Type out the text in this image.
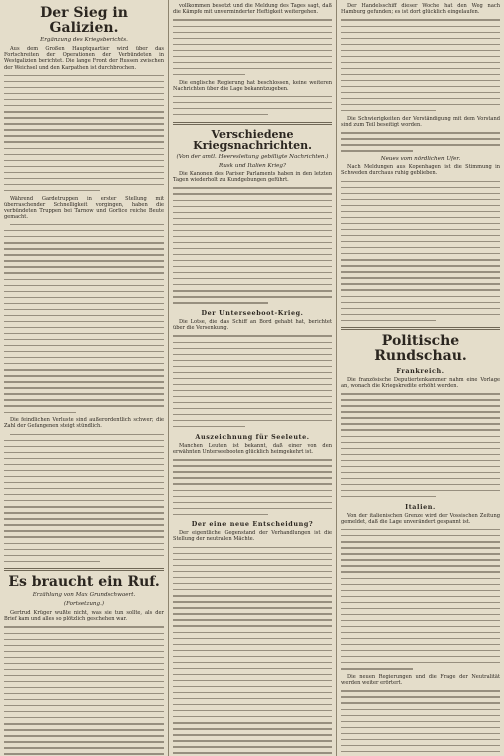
Der Sieg in Galizien.
Ergänzung des Kriegsberichts.

Aus dem Großen Hauptquartier wird über das Fortschreiten der Operationen der Verbündeten in Westgalizien berichtet. Die lange Front der Russen zwischen der Weichsel und den Karpathen ist durchbrochen.

Während Gardetruppen in erster Stellung mit überraschender Schnelligkeit vorgingen, haben die verbündeten Truppen bei Tarnow und Gorlice reiche Beute gemacht.

Die feindlichen Verluste sind außerordentlich schwer; die Zahl der Gefangenen steigt stündlich.

Es braucht ein Ruf.
Erzählung von Max Grundschwaert.
(Fortsetzung.)

Gertrud Krüger wußte nicht, was sie tun sollte, als der Brief kam und alles so plötzlich geschehen war.

vollkommen besetzt und die Meldung des Tages sagt, daß die Kämpfe mit unverminderter Heftigkeit weitergehen.

Die englische Regierung hat beschlossen, keine weiteren Nachrichten über die Lage bekanntzugeben.

Verschiedene Kriegsnachrichten.
(Von der amtl. Heeresleitung gebilligte Nachrichten.)
Rusk und Italien Krieg?

Die Kanonen des Pariser Parlaments haben in den letzten Tagen wiederholt zu Kundgebungen geführt.

Der Unterseeboot-Krieg.

Die Lotse, die das Schiff an Bord gehabt hat, berichtet über die Versenkung.

Auszeichnung für Seeleute.

Manchen Leuten ist bekannt, daß einer von den erwähnten Unterseebooten glücklich heimgekehrt ist.

Der eine neue Entscheidung?

Der eigentliche Gegenstand der Verhandlungen ist die Stellung der neutralen Mächte.

Der Handelsschiff dieser Woche hat den Weg nach Hamburg gefunden; es ist dort glücklich eingelaufen.

Die Schwierigkeiten der Verständigung mit dem Vorstand sind zum Teil beseitigt worden.

Neues vom nördlichen Ufer.

Nach Meldungen aus Kopenhagen ist die Stimmung in Schweden durchaus ruhig geblieben.

Politische Rundschau.
Frankreich.

Die französische Deputiertenkammer nahm eine Vorlage an, wonach die Kriegskredite erhöht werden.

Italien.

Von der italienischen Grenze wird der Vossischen Zeitung gemeldet, daß die Lage unverändert gespannt ist.

Die neuen Regierungen und die Frage der Neutralität werden weiter erörtert.
